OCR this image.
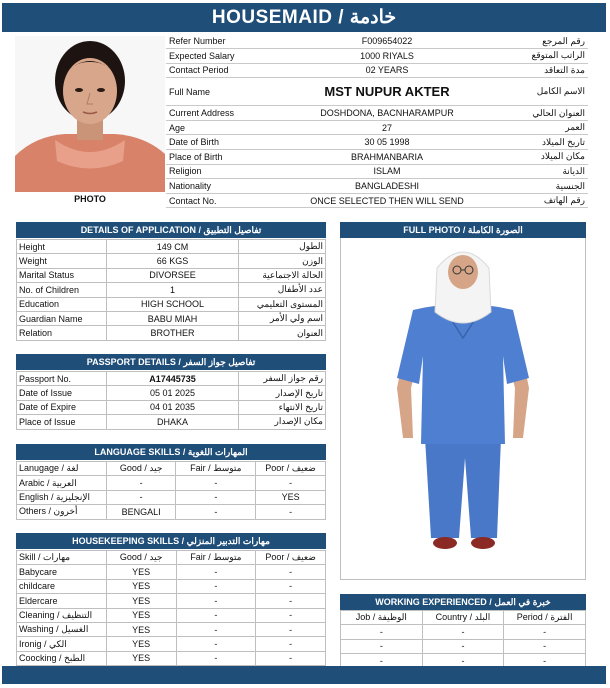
HOUSEMAID / خادمة
PHOTO
Refer Number	F009654022	رقم المرجع
Expected Salary	1000 RIYALS	الراتب المتوقع
Contact Period	02 YEARS	مدة التعاقد
Full Name	MST NUPUR AKTER	الاسم الكامل
Current Address	DOSHDONA, BACNHARAMPUR	العنوان الحالي
Age	27	العمر
Date of Birth	30 05 1998	تاريخ الميلاد
Place of Birth	BRAHMANBARIA	مكان الميلاد
Religion	ISLAM	الديانة
Nationality	BANGLADESHI	الجنسية
Contact No.	ONCE SELECTED THEN WILL SEND	رقم الهاتف
DETAILS OF APPLICATION / تفاصيل التطبيق
Height	149 CM	الطول
Weight	66 KGS	الوزن
Marital Status	DIVORSEE	الحالة الاجتماعية
No. of Children	1	عدد الأطفال
Education	HIGH SCHOOL	المستوى التعليمي
Guardian Name	BABU MIAH	اسم ولي الأمر
Relation	BROTHER	العنوان
PASSPORT DETAILS / تفاصيل جواز السفر
Passport No.	A17445735	رقم جواز السفر
Date of Issue	05 01 2025	تاريخ الإصدار
Date of Expire	04 01 2035	تاريخ الانتهاء
Place of Issue	DHAKA	مكان الإصدار
LANGUAGE SKILLS / المهارات اللغوية
Lanugage / لغة	Good / جيد	Fair / متوسط	Poor / ضعيف
Arabic / العربية	-	-	-
English / الإنجليزية	-	-	YES
Others / أخرون	BENGALI	-	-
HOUSEKEEPING SKILLS / مهارات التدبير المنزلي
Skill / مهارات	Good / جيد	Fair / متوسط	Poor / ضعيف
Babycare	YES	-	-
childcare	YES	-	-
Eldercare	YES	-	-
Cleaning / التنظيف	YES	-	-
Washing / الغسيل	YES	-	-
Ironig / الكي	YES	-	-
Coocking / الطبخ	YES	-	-
FULL PHOTO / الصورة الكاملة
WORKING EXPERIENCED / خبرة في العمل
Job / الوظيفة	Country / البلد	Period / الفترة
-	-	-
-	-	-
-	-	-
